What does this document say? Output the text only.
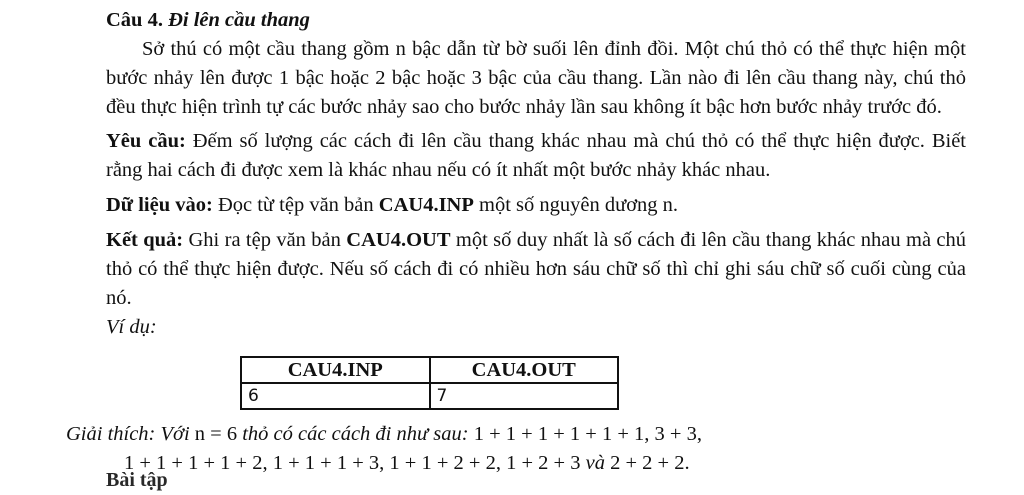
Câu 4. Đi lên cầu thang

Sở thú có một cầu thang gồm n bậc dẫn từ bờ suối lên đỉnh đồi. Một chú thỏ có thể thực hiện một bước nhảy lên được 1 bậc hoặc 2 bậc hoặc 3 bậc của cầu thang. Lần nào đi lên cầu thang này, chú thỏ đều thực hiện trình tự các bước nhảy sao cho bước nhảy lần sau không ít bậc hơn bước nhảy trước đó.

Yêu cầu: Đếm số lượng các cách đi lên cầu thang khác nhau mà chú thỏ có thể thực hiện được. Biết rằng hai cách đi được xem là khác nhau nếu có ít nhất một bước nhảy khác nhau.

Dữ liệu vào: Đọc từ tệp văn bản CAU4.INP một số nguyên dương n.

Kết quả: Ghi ra tệp văn bản CAU4.OUT một số duy nhất là số cách đi lên cầu thang khác nhau mà chú thỏ có thể thực hiện được. Nếu số cách đi có nhiều hơn sáu chữ số thì chỉ ghi sáu chữ số cuối cùng của nó.

Ví dụ:

CAU4.INP	CAU4.OUT
6	7
Giải thích: Với n = 6 thỏ có các cách đi như sau: 1 + 1 + 1 + 1 + 1 + 1, 3 + 3,
1 + 1 + 1 + 1 + 2, 1 + 1 + 1 + 3, 1 + 1 + 2 + 2, 1 + 2 + 3 và 2 + 2 + 2.
Bài tập
